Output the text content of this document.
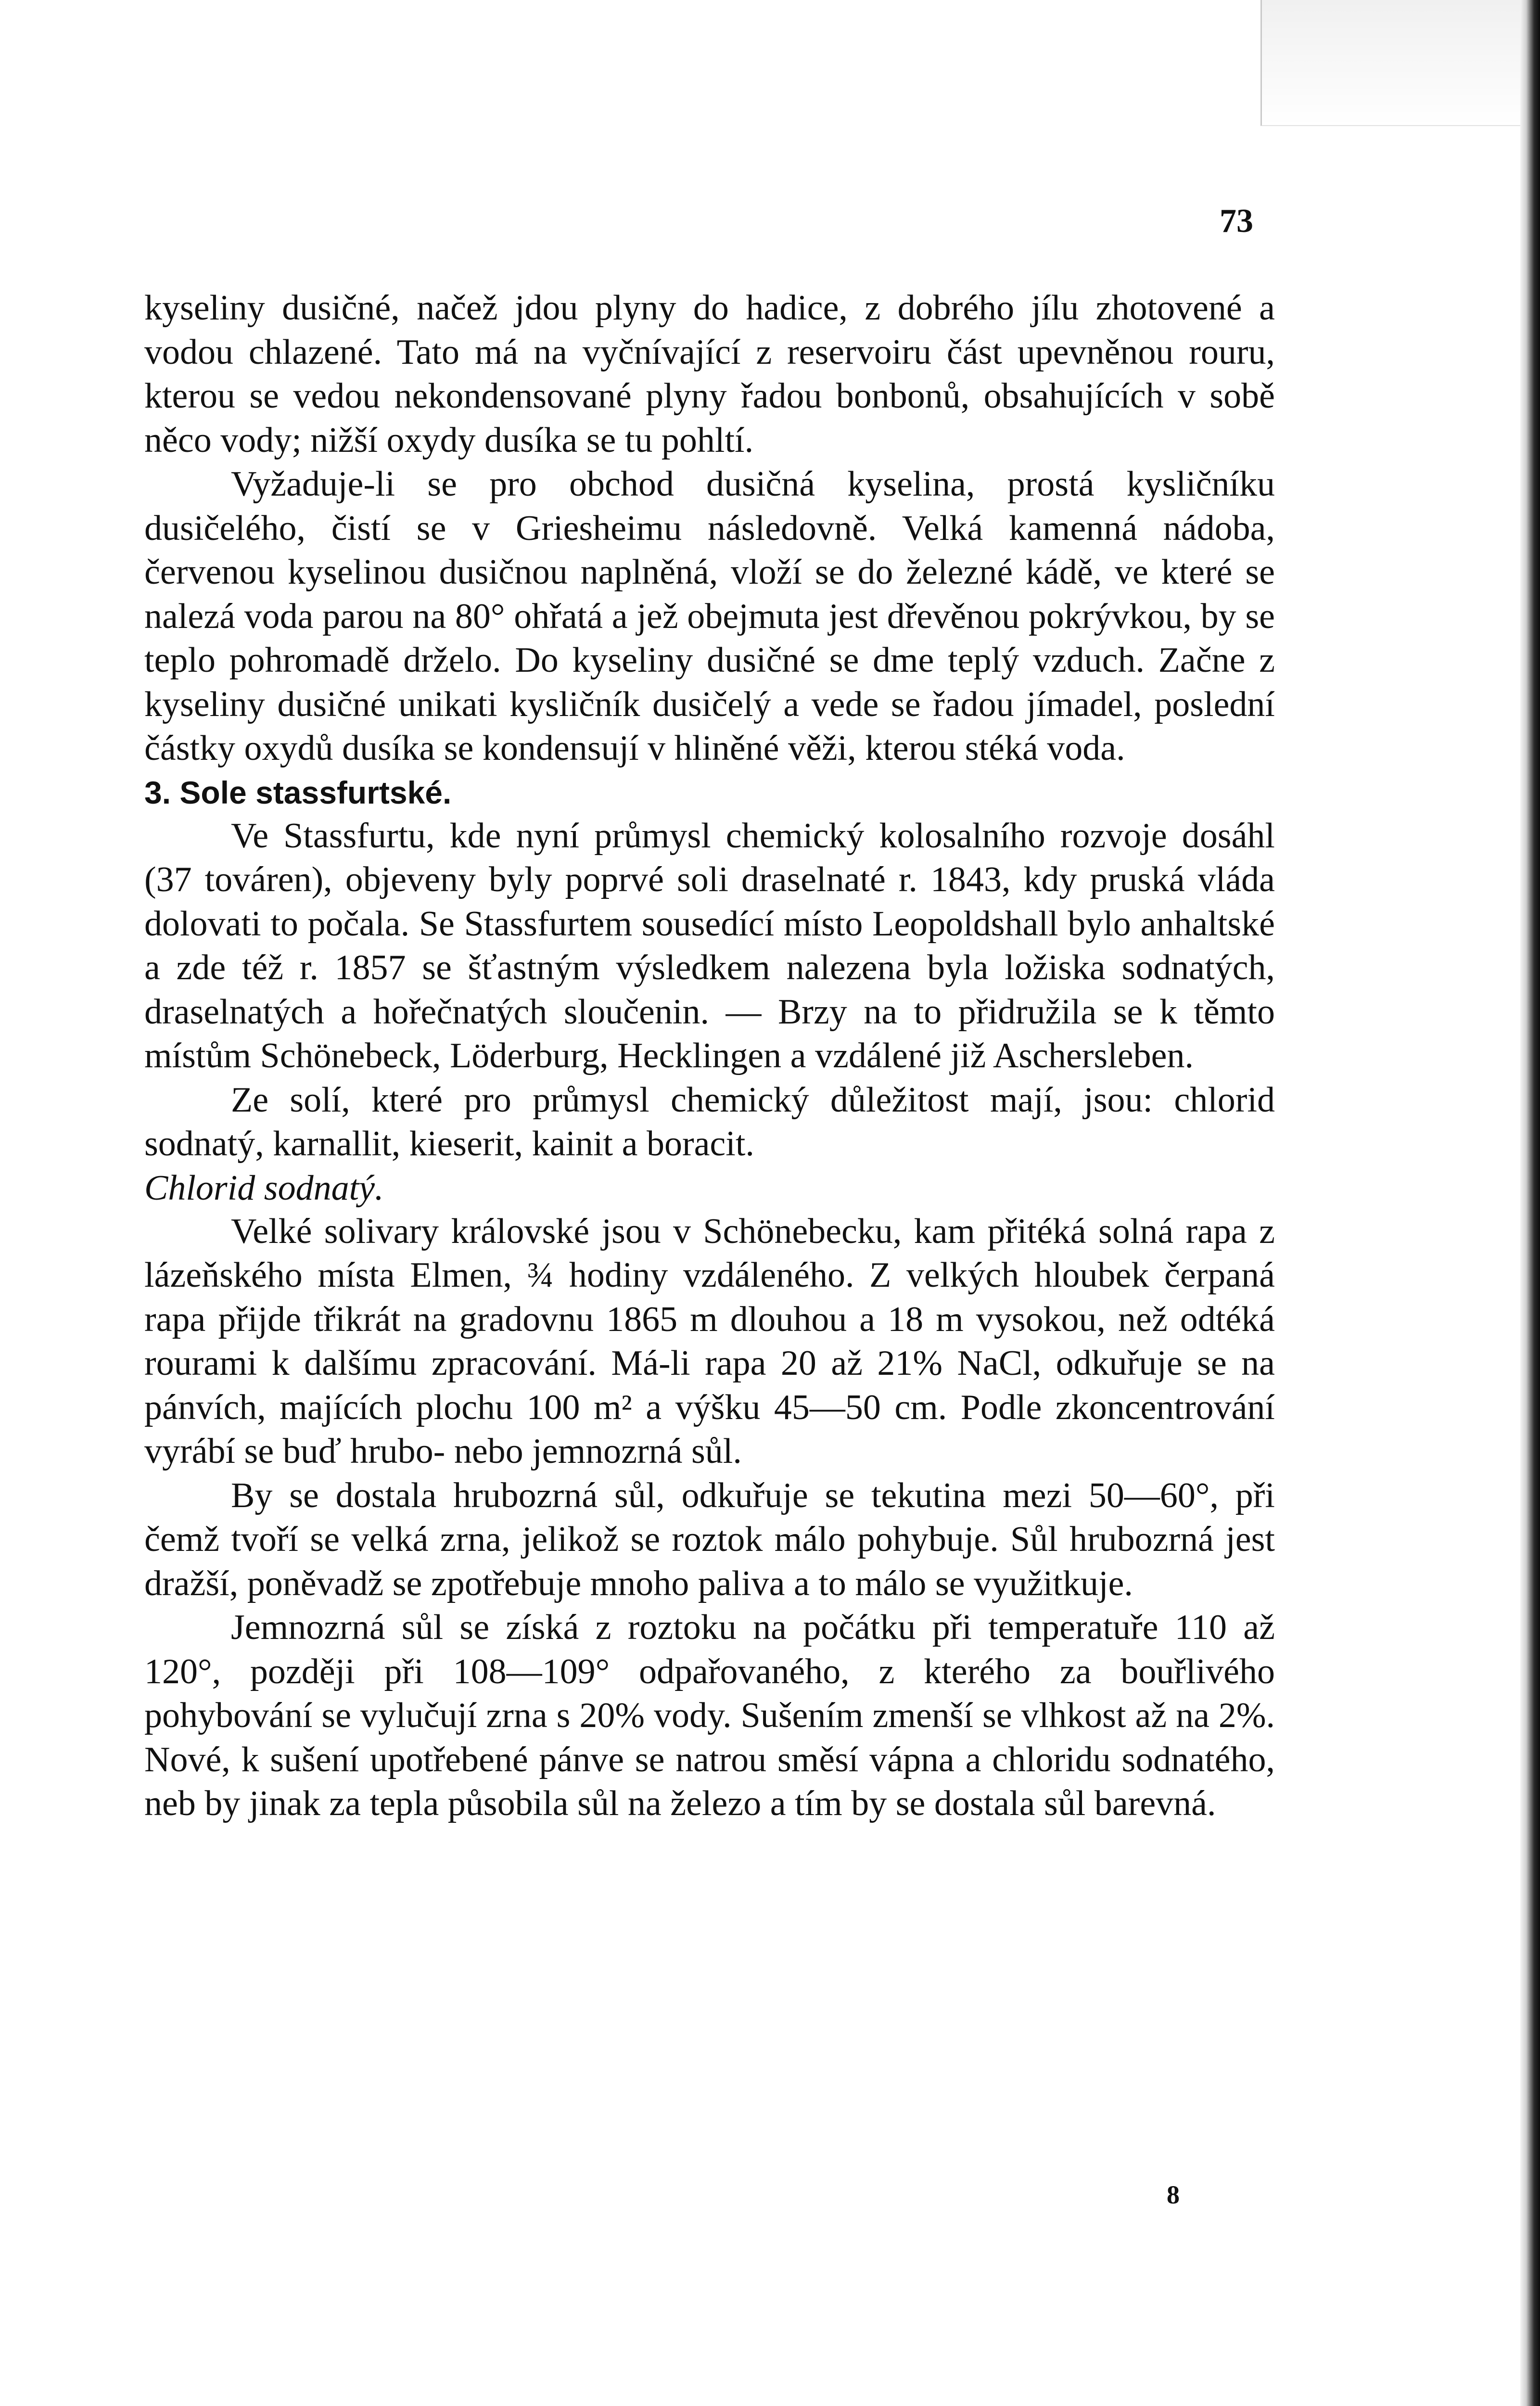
73

kyseliny dusičné, načež jdou plyny do hadice, z dobrého jílu zhotovené a vodou chlazené. Tato má na vyčnívající z reservoiru část upevněnou rouru, kterou se vedou nekondensované plyny řadou bonbonů, obsahujících v sobě něco vody; nižší oxydy dusíka se tu pohltí.

Vyžaduje-li se pro obchod dusičná kyselina, prostá kysličníku dusičelého, čistí se v Griesheimu následovně. Velká kamenná nádoba, červenou kyselinou dusičnou naplněná, vloží se do železné kádě, ve které se nalezá voda parou na 80° ohřatá a jež obejmuta jest dřevěnou pokrývkou, by se teplo pohromadě drželo. Do kyseliny dusičné se dme teplý vzduch. Začne z kyseliny dusičné unikati kysličník dusičelý a vede se řadou jímadel, poslední částky oxydů dusíka se kondensují v hliněné věži, kterou stéká voda.

3. Sole stassfurtské.

Ve Stassfurtu, kde nyní průmysl chemický kolosalního rozvoje dosáhl (37 továren), objeveny byly poprvé soli draselnaté r. 1843, kdy pruská vláda dolovati to počala. Se Stassfurtem sousedící místo Leopoldshall bylo anhaltské a zde též r. 1857 se šťastným výsledkem nalezena byla ložiska sodnatých, draselnatých a hořečnatých sloučenin. — Brzy na to přidružila se k těmto místům Schönebeck, Löderburg, Hecklingen a vzdálené již Aschersleben.

Ze solí, které pro průmysl chemický důležitost mají, jsou: chlorid sodnatý, karnallit, kieserit, kainit a boracit.

Chlorid sodnatý.

Velké solivary královské jsou v Schönebecku, kam přitéká solná rapa z lázeňského místa Elmen, ¾ hodiny vzdáleného. Z velkých hloubek čerpaná rapa přijde třikrát na gradovnu 1865 m dlouhou a 18 m vysokou, než odtéká rourami k dalšímu zpracování. Má-li rapa 20 až 21% NaCl, odkuřuje se na pánvích, majících plochu 100 m² a výšku 45—50 cm. Podle zkoncentrování vyrábí se buď hrubo- nebo jemnozrná sůl.

By se dostala hrubozrná sůl, odkuřuje se tekutina mezi 50—60°, při čemž tvoří se velká zrna, jelikož se roztok málo pohybuje. Sůl hrubozrná jest dražší, poněvadž se zpotřebuje mnoho paliva a to málo se využitkuje.

Jemnozrná sůl se získá z roztoku na počátku při temperatuře 110 až 120°, později při 108—109° odpařovaného, z kterého za bouřlivého pohybování se vylučují zrna s 20% vody. Sušením zmenší se vlhkost až na 2%. Nové, k sušení upotřebené pánve se natrou směsí vápna a chloridu sodnatého, neb by jinak za tepla působila sůl na železo a tím by se dostala sůl barevná.

8
